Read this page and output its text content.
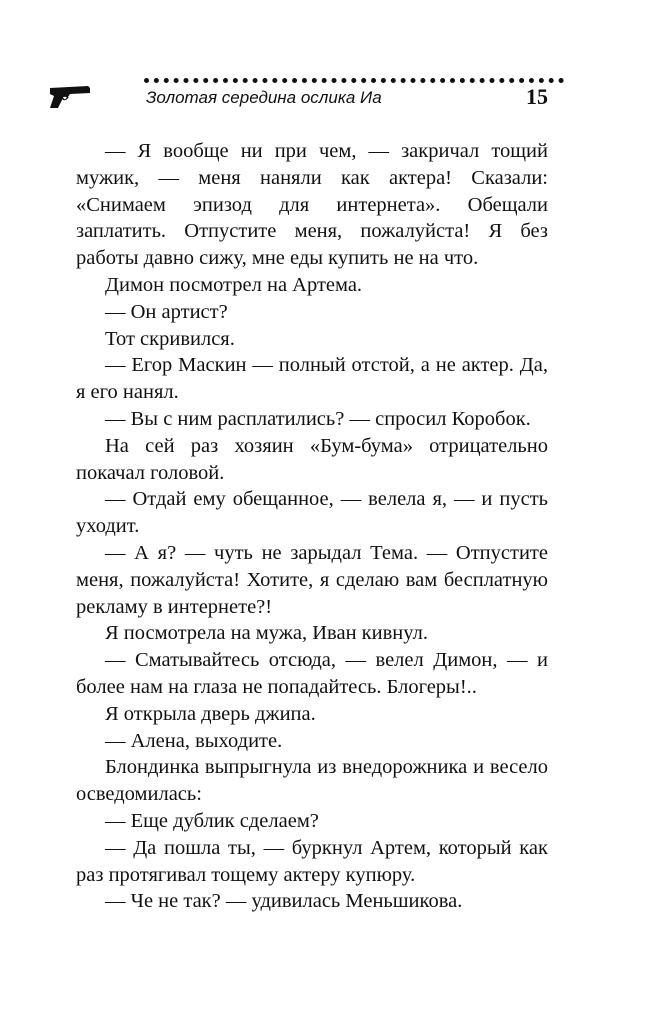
Золотая середина ослика Иа	15

— Я вообще ни при чем, — закричал тощий мужик, — меня наняли как актера! Сказали: «Снимаем эпизод для интернета». Обещали заплатить. Отпустите меня, пожалуйста! Я без работы давно сижу, мне еды купить не на что.

Димон посмотрел на Артема.

— Он артист?

Тот скривился.

— Егор Маскин — полный отстой, а не актер. Да, я его нанял.

— Вы с ним расплатились? — спросил Коробок.

На сей раз хозяин «Бум-бума» отрицательно покачал головой.

— Отдай ему обещанное, — велела я, — и пусть уходит.

— А я? — чуть не зарыдал Тема. — Отпустите меня, пожалуйста! Хотите, я сделаю вам бесплатную рекламу в интернете?!

Я посмотрела на мужа, Иван кивнул.

— Сматывайтесь отсюда, — велел Димон, — и более нам на глаза не попадайтесь. Блогеры!..

Я открыла дверь джипа.

— Алена, выходите.

Блондинка выпрыгнула из внедорожника и весело осведомилась:

— Еще дублик сделаем?

— Да пошла ты, — буркнул Артем, который как раз протягивал тощему актеру купюру.

— Че не так? — удивилась Меньшикова.
